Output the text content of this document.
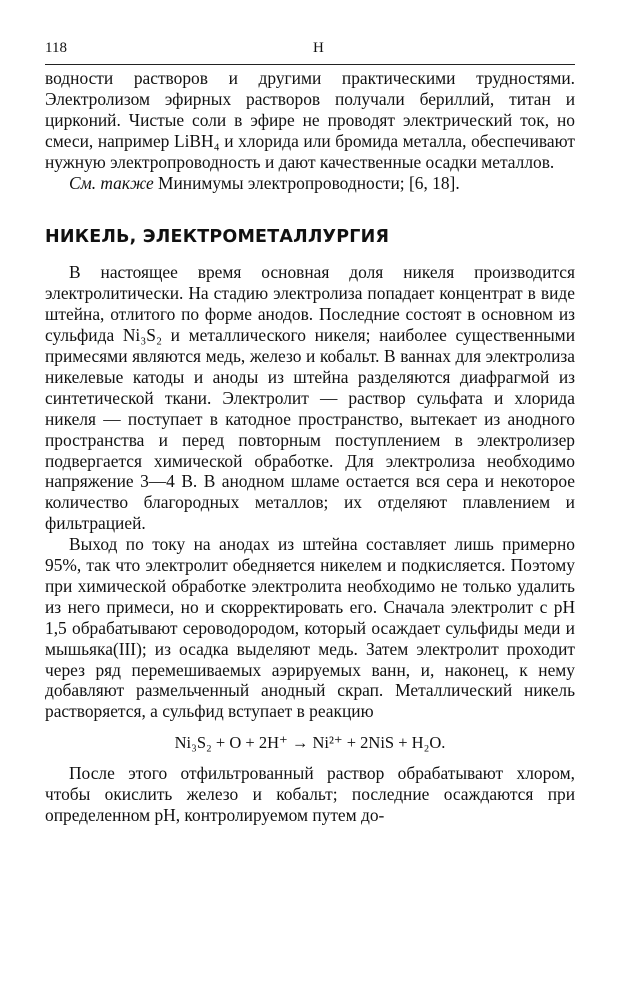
118	Н

водности растворов и другими практическими трудностями. Электролизом эфирных растворов получали бериллий, титан и цирконий. Чистые соли в эфире не проводят электрический ток, но смеси, например LiBH₄ и хлорида или бромида металла, обеспечивают нужную электропроводность и дают качественные осадки металлов.

См. также Минимумы электропроводности; [6, 18].

НИКЕЛЬ, ЭЛЕКТРОМЕТАЛЛУРГИЯ

В настоящее время основная доля никеля производится электролитически. На стадию электролиза попадает концентрат в виде штейна, отлитого по форме анодов. Последние состоят в основном из сульфида Ni₃S₂ и металлического никеля; наиболее существенными примесями являются медь, железо и кобальт. В ваннах для электролиза никелевые катоды и аноды из штейна разделяются диафрагмой из синтетической ткани. Электролит — раствор сульфата и хлорида никеля — поступает в катодное пространство, вытекает из анодного пространства и перед повторным поступлением в электролизер подвергается химической обработке. Для электролиза необходимо напряжение 3—4 В. В анодном шламе остается вся сера и некоторое количество благородных металлов; их отделяют плавлением и фильтрацией.

Выход по току на анодах из штейна составляет лишь примерно 95%, так что электролит обедняется никелем и подкисляется. Поэтому при химической обработке электролита необходимо не только удалить из него примеси, но и скорректировать его. Сначала электролит с pH 1,5 обрабатывают сероводородом, который осаждает сульфиды меди и мышьяка(III); из осадка выделяют медь. Затем электролит проходит через ряд перемешиваемых аэрируемых ванн, и, наконец, к нему добавляют размельченный анодный скрап. Металлический никель растворяется, а сульфид вступает в реакцию

Ni₃S₂ + O + 2H⁺ → Ni²⁺ + 2NiS + H₂O.

После этого отфильтрованный раствор обрабатывают хлором, чтобы окислить железо и кобальт; последние осаждаются при определенном pH, контролируемом путем до-
